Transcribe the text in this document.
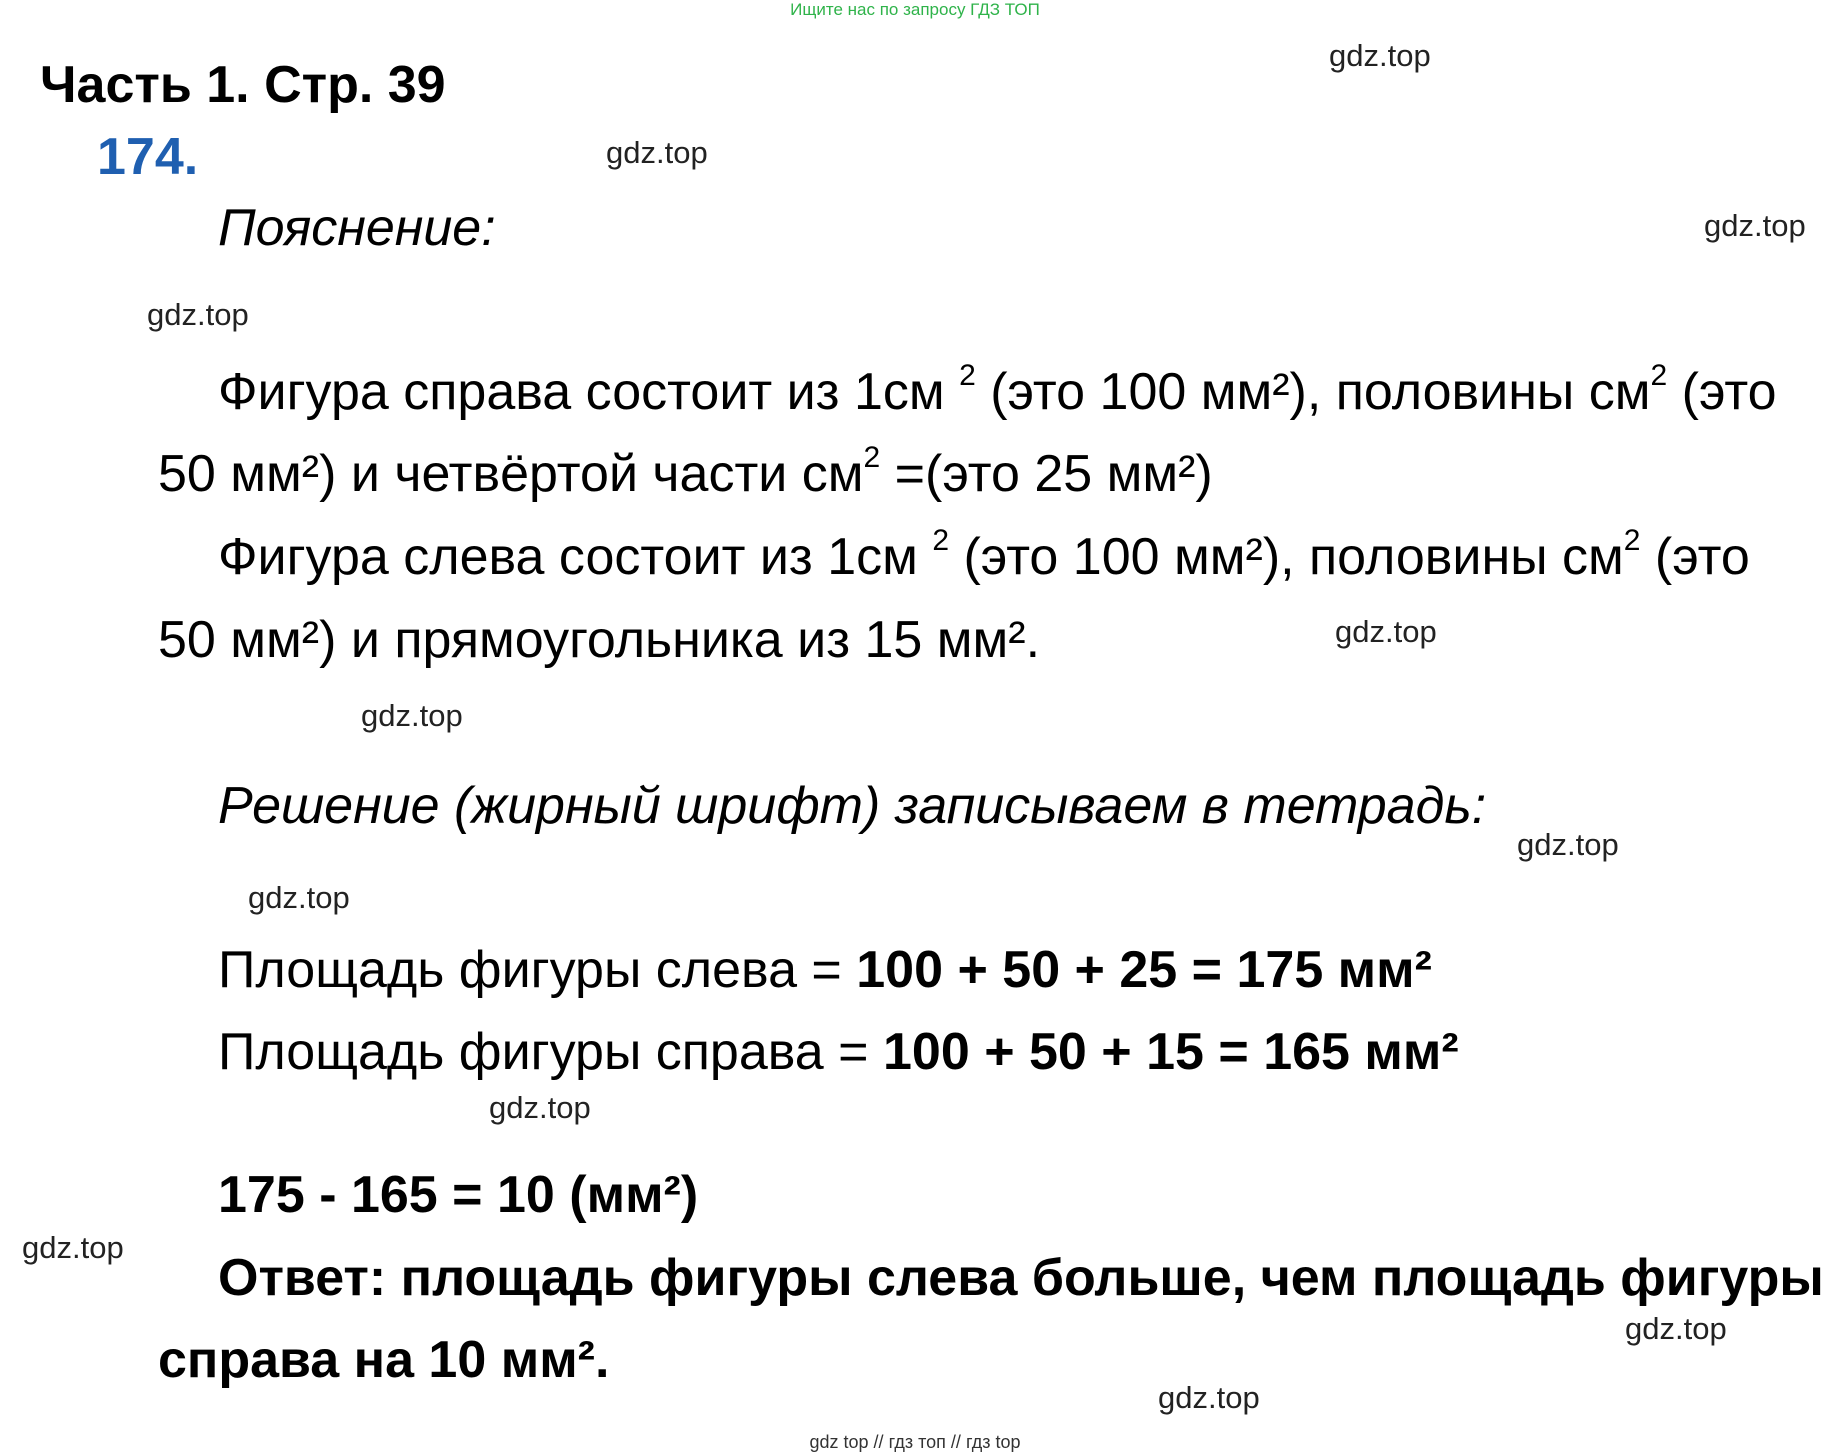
Ищите нас по запросу ГДЗ ТОП
Часть 1. Стр. 39
174.
Пояснение:
Фигура справа состоит из 1см $^2$ (это 100 мм²), половины $см^2$ (это
50 мм²) и четвёртой части $см^2 =(это$ 25 мм²)
Фигура слева состоит из 1см $^2$ (это 100 мм²), половины $см^2$ (это
50 мм²) и прямоугольника из 15 мм².
Решение (жирный шрифт) записываем в тетрадь:
Площадь фигуры слева = 100 + 50 + 25 = 175 мм²
Площадь фигуры справа = 100 + 50 + 15 = 165 мм²
175 - 165 = 10 (мм²)
Ответ: площадь фигуры слева больше, чем площадь фигуры
справа на 10 мм².
gdz.top
gdz.top
gdz.top
gdz.top
gdz.top
gdz.top
gdz.top
gdz.top
gdz.top
gdz.top
gdz.top
gdz.top
gdz top // гдз топ // гдз top
